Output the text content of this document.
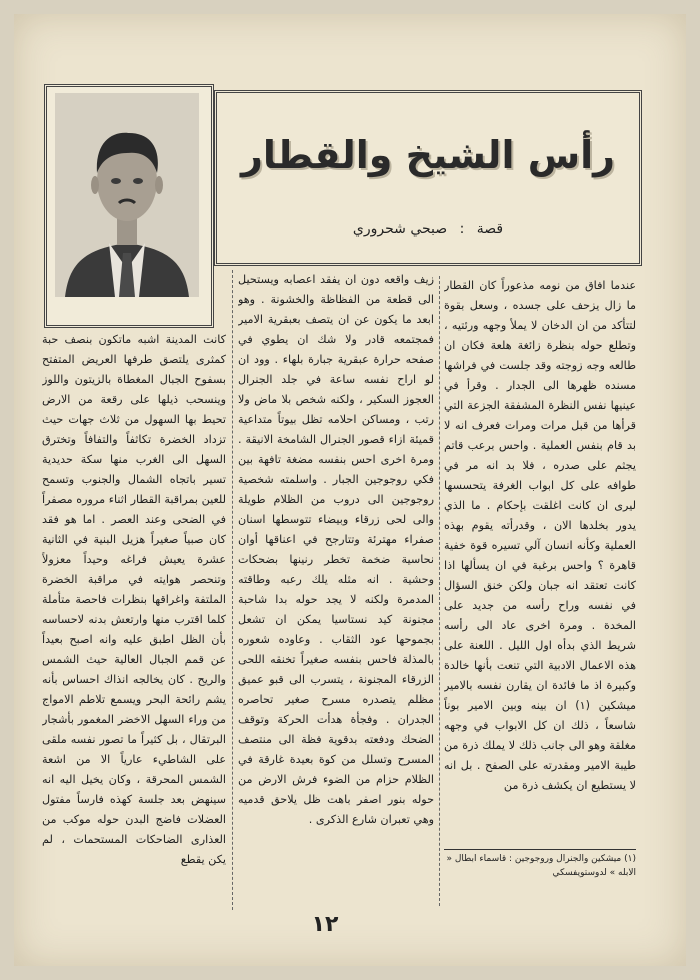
رأس الشيخ والقطار
قصة : صبحي شحروري

عندما افاق من نومه مذعوراً كان القطار ما زال يزحف على جسده ، وسعل بقوة لتتأكد من ان الدخان لا يملأ وجهه ورئتيه ، وتطلع حوله بنظرة زائغة هلعة فكان ان طالعه وجه زوجته وقد جلست في فراشها مسنده ظهرها الى الجدار . وقرأ في عينيها نفس النظرة المشفقة الجزعة التي قرأها من قبل مرات ومرات فعرف انه لا بد قام بنفس العملية . واحس برعب قاتم يجثم على صدره ، فلا بد انه مر في طوافه على كل ابواب الغرفة يتحسسها ليرى ان كانت اغلقت بإحكام . ما الذي يدور بخلدها الان ، وقدرأته يقوم بهذه العملية وكأنه انسان آلي تسيره قوة خفية قاهرة ؟ واحس برغبة في ان يسألها اذا كانت تعتقد انه جبان ولكن خنق السؤال في نفسه وراح رأسه من جديد على المخدة . ومرة اخرى عاد الى رأسه شريط الذي بدأه اول الليل . اللعنة على هذه الاعمال الادبية التي تنعت بأنها خالدة وكبيرة اذ ما فائدة ان يقارن نفسه بالامير ميشكين (١) ان بينه وبين الامير بوناً شاسعاً ، ذلك ان كل الابواب في وجهه مغلقة وهو الى جانب ذلك لا يملك ذرة من طيبة الامير ومقدرته على الصفح . بل انه لا يستطيع ان يكشف ذرة من

زيف واقعه دون ان يفقد اعصابه ويستحيل الى قطعة من الفظاظة والخشونة . وهو ابعد ما يكون عن ان يتصف بعبقرية الامير فمجتمعه قادر ولا شك ان يطوي في صفحه حرارة عبقرية جبارة بلهاء . وود ان لو اراح نفسه ساعة في جلد الجنرال العجوز السكير ، ولكنه شخص بلا ماض ولا رتب ، ومساكن احلامه تظل بيوتاً متداعية قميئة ازاء قصور الجنرال الشامخة الانيقة . ومرة اخرى احس بنفسه مضغة تافهة بين فكي روجوجين الجبار . واسلمته شخصية روجوجين الى دروب من الظلام طويلة والى لحى زرقاء وبيضاء تتوسطها اسنان صفراء مهترئة وتتارجح في اعناقها أوان نحاسية ضخمة تخطر رنينها بضحكات وحشية . انه مثله يلك رعبه وطاقته المدمرة ولكنه لا يجد حوله بدا شاحبة مجنونة كيد نستاسيا يمكن ان تشعل بجموحها عود الثقاب . وعاوده شعوره بالمذلة فاحس بنفسه صغيراً تخنقه اللحى الزرقاء المجنونة ، يتسرب الى قبو عميق مظلم يتصدره مسرح صغير تحاصره الجدران . وفجأة هدأت الحركة وتوقف الضحك ودفعته بدقوية فظة الى منتصف المسرح وتسلل من كوة بعيدة غارقة في الظلام حزام من الضوء فرش الارض من حوله بنور اصفر باهت ظل يلاحق قدميه وهي تعبران شارع الذكرى .

كانت المدينة اشبه ماتكون بنصف حبة كمثرى يلتصق طرفها العريض المتفتح بسفوح الجبال المغطاة بالزيتون واللوز وينسحب ذيلها على رقعة من الارض تحيط بها السهول من ثلاث جهات حيث تزداد الخضرة تكاثفاً والتفافاً وتخترق السهل الى الغرب منها سكة حديدية تسير باتجاه الشمال والجنوب وتسمح للعين بمراقبة القطار اثناء مروره مصفراً في الضحى وعند العصر . اما هو فقد كان صبياً صغيراً هزيل البنية في الثانية عشرة يعيش فراغه وحيداً معزولاً وتنحصر هوايته في مراقبة الخضرة الملتفة واغراقها بنظرات فاحصة متأملة كلما اقترب منها وارتعش بدنه لاحساسه بأن الظل اطبق عليه وانه اصبح بعيداً عن قمم الجبال العالية حيث الشمس والريح . كان يخالجه انذاك احساس بأنه يشم رائحة البحر ويسمع تلاطم الامواج من وراء السهل الاخضر المغمور بأشجار البرتقال ، بل كثيراً ما تصور نفسه ملقى على الشاطيء عارياً الا من اشعة الشمس المحرقة ، وكان يخيل اليه انه سينهض بعد جلسة كهذه فارساً مفتول العضلات فاضج البدن حوله موكب من العذارى الضاحكات المستحمات ، لم يكن يقطع	(١) ميشكين والجنرال وروجوجين : قاسماء ابطال « الابله » لدوستويفسكي
١٢
